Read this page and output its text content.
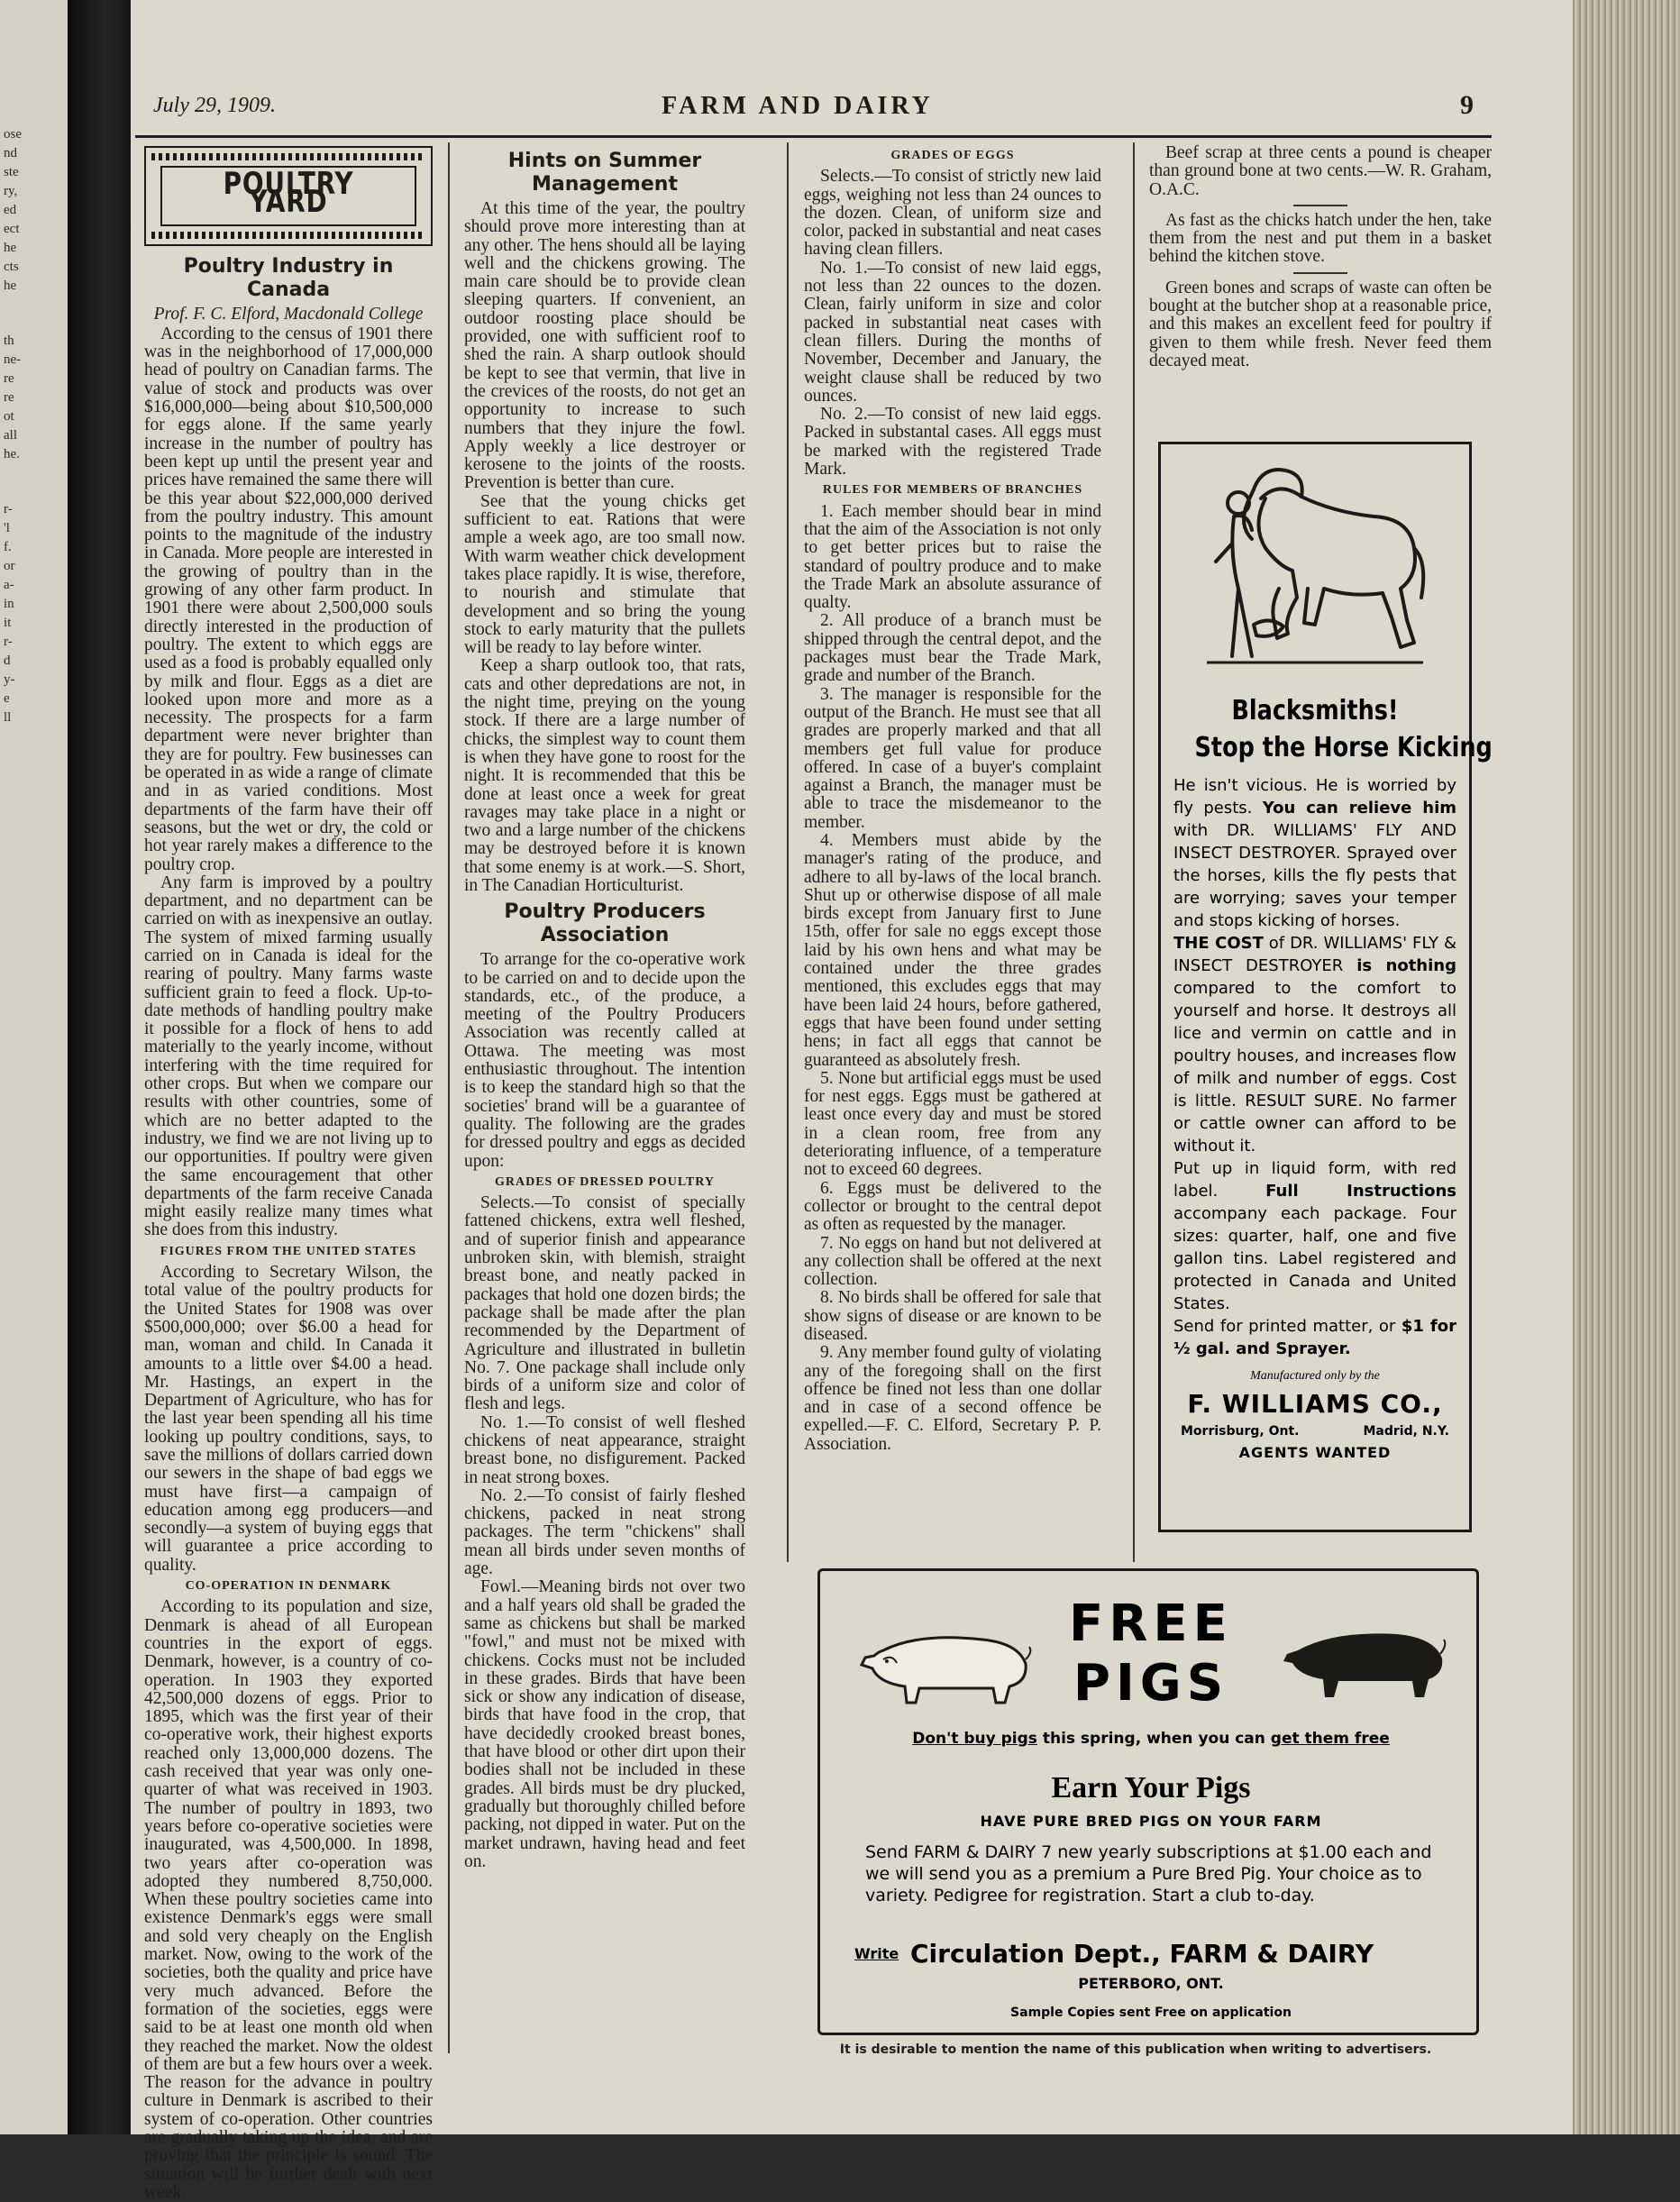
ose
nd
ste
ry,
ed
ect
he
cts
he
th
ne-
re
re
ot
all
he.
r-
'l
f.
or
a-
in
it
r-
d
y-
e
ll
July 29, 1909.	FARM AND DAIRY	9
POULTRY YARD
Poultry Industry in Canada
Prof. F. C. Elford, Macdonald College

According to the census of 1901 there was in the neighborhood of 17,000,000 head of poultry on Canadian farms. The value of stock and products was over $16,000,000—being about $10,500,000 for eggs alone. If the same yearly increase in the number of poultry has been kept up until the present year and prices have remained the same there will be this year about $22,000,000 derived from the poultry industry. This amount points to the magnitude of the industry in Canada. More people are interested in the growing of poultry than in the growing of any other farm product. In 1901 there were about 2,500,000 souls directly interested in the production of poultry. The extent to which eggs are used as a food is probably equalled only by milk and flour. Eggs as a diet are looked upon more and more as a necessity. The prospects for a farm department were never brighter than they are for poultry. Few businesses can be operated in as wide a range of climate and in as varied conditions. Most departments of the farm have their off seasons, but the wet or dry, the cold or hot year rarely makes a difference to the poultry crop.

Any farm is improved by a poultry department, and no department can be carried on with as inexpensive an outlay. The system of mixed farming usually carried on in Canada is ideal for the rearing of poultry. Many farms waste sufficient grain to feed a flock. Up-to-date methods of handling poultry make it possible for a flock of hens to add materially to the yearly income, without interfering with the time required for other crops. But when we compare our results with other countries, some of which are no better adapted to the industry, we find we are not living up to our opportunities. If poultry were given the same encouragement that other departments of the farm receive Canada might easily realize many times what she does from this industry.

FIGURES FROM THE UNITED STATES

According to Secretary Wilson, the total value of the poultry products for the United States for 1908 was over $500,000,000; over $6.00 a head for man, woman and child. In Canada it amounts to a little over $4.00 a head. Mr. Hastings, an expert in the Department of Agriculture, who has for the last year been spending all his time looking up poultry conditions, says, to save the millions of dollars carried down our sewers in the shape of bad eggs we must have first—a campaign of education among egg producers—and secondly—a system of buying eggs that will guarantee a price according to quality.

CO-OPERATION IN DENMARK

According to its population and size, Denmark is ahead of all European countries in the export of eggs. Denmark, however, is a country of co-operation. In 1903 they exported 42,500,000 dozens of eggs. Prior to 1895, which was the first year of their co-operative work, their highest exports reached only 13,000,000 dozens. The cash received that year was only one-quarter of what was received in 1903. The number of poultry in 1893, two years before co-operative societies were inaugurated, was 4,500,000. In 1898, two years after co-operation was adopted they numbered 8,750,000. When these poultry societies came into existence Denmark's eggs were small and sold very cheaply on the English market. Now, owing to the work of the societies, both the quality and price have very much advanced. Before the formation of the societies, eggs were said to be at least one month old when they reached the market. Now the oldest of them are but a few hours over a week. The reason for the advance in poultry culture in Denmark is ascribed to their system of co-operation. Other countries are gradually taking up the idea, and are proving that the principle is sound. The situation will be further dealt with next week.

Hints on Summer Management

At this time of the year, the poultry should prove more interesting than at any other. The hens should all be laying well and the chickens growing. The main care should be to provide clean sleeping quarters. If convenient, an outdoor roosting place should be provided, one with sufficient roof to shed the rain. A sharp outlook should be kept to see that vermin, that live in the crevices of the roosts, do not get an opportunity to increase to such numbers that they injure the fowl. Apply weekly a lice destroyer or kerosene to the joints of the roosts. Prevention is better than cure.

See that the young chicks get sufficient to eat. Rations that were ample a week ago, are too small now. With warm weather chick development takes place rapidly. It is wise, therefore, to nourish and stimulate that development and so bring the young stock to early maturity that the pullets will be ready to lay before winter.

Keep a sharp outlook too, that rats, cats and other depredations are not, in the night time, preying on the young stock. If there are a large number of chicks, the simplest way to count them is when they have gone to roost for the night. It is recommended that this be done at least once a week for great ravages may take place in a night or two and a large number of the chickens may be destroyed before it is known that some enemy is at work.—S. Short, in The Canadian Horticulturist.

Poultry Producers Association

To arrange for the co-operative work to be carried on and to decide upon the standards, etc., of the produce, a meeting of the Poultry Producers Association was recently called at Ottawa. The meeting was most enthusiastic throughout. The intention is to keep the standard high so that the societies' brand will be a guarantee of quality. The following are the grades for dressed poultry and eggs as decided upon:

GRADES OF DRESSED POULTRY

Selects.—To consist of specially fattened chickens, extra well fleshed, and of superior finish and appearance unbroken skin, with blemish, straight breast bone, and neatly packed in packages that hold one dozen birds; the package shall be made after the plan recommended by the Department of Agriculture and illustrated in bulletin No. 7. One package shall include only birds of a uniform size and color of flesh and legs.

No. 1.—To consist of well fleshed chickens of neat appearance, straight breast bone, no disfigurement. Packed in neat strong boxes.

No. 2.—To consist of fairly fleshed chickens, packed in neat strong packages. The term "chickens" shall mean all birds under seven months of age.

Fowl.—Meaning birds not over two and a half years old shall be graded the same as chickens but shall be marked "fowl," and must not be mixed with chickens. Cocks must not be included in these grades. Birds that have been sick or show any indication of disease, birds that have food in the crop, that have decidedly crooked breast bones, that have blood or other dirt upon their bodies shall not be included in these grades. All birds must be dry plucked, gradually but thoroughly chilled before packing, not dipped in water. Put on the market undrawn, having head and feet on.

GRADES OF EGGS

Selects.—To consist of strictly new laid eggs, weighing not less than 24 ounces to the dozen. Clean, of uniform size and color, packed in substantial and neat cases having clean fillers.

No. 1.—To consist of new laid eggs, not less than 22 ounces to the dozen. Clean, fairly uniform in size and color packed in substantial neat cases with clean fillers. During the months of November, December and January, the weight clause shall be reduced by two ounces.

No. 2.—To consist of new laid eggs. Packed in substantal cases. All eggs must be marked with the registered Trade Mark.

RULES FOR MEMBERS OF BRANCHES

1. Each member should bear in mind that the aim of the Association is not only to get better prices but to raise the standard of poultry produce and to make the Trade Mark an absolute assurance of qualty.

2. All produce of a branch must be shipped through the central depot, and the packages must bear the Trade Mark, grade and number of the Branch.

3. The manager is responsible for the output of the Branch. He must see that all grades are properly marked and that all members get full value for produce offered. In case of a buyer's complaint against a Branch, the manager must be able to trace the misdemeanor to the member.

4. Members must abide by the manager's rating of the produce, and adhere to all by-laws of the local branch. Shut up or otherwise dispose of all male birds except from January first to June 15th, offer for sale no eggs except those laid by his own hens and what may be contained under the three grades mentioned, this excludes eggs that may have been laid 24 hours, before gathered, eggs that have been found under setting hens; in fact all eggs that cannot be guaranteed as absolutely fresh.

5. None but artificial eggs must be used for nest eggs. Eggs must be gathered at least once every day and must be stored in a clean room, free from any deteriorating influence, of a temperature not to exceed 60 degrees.

6. Eggs must be delivered to the collector or brought to the central depot as often as requested by the manager.

7. No eggs on hand but not delivered at any collection shall be offered at the next collection.

8. No birds shall be offered for sale that show signs of disease or are known to be diseased.

9. Any member found gulty of violating any of the foregoing shall on the first offence be fined not less than one dollar and in case of a second offence be expelled.—F. C. Elford, Secretary P. P. Association.

Beef scrap at three cents a pound is cheaper than ground bone at two cents.—W. R. Graham, O.A.C.

As fast as the chicks hatch under the hen, take them from the nest and put them in a basket behind the kitchen stove.

Green bones and scraps of waste can often be bought at the butcher shop at a reasonable price, and this makes an excellent feed for poultry if given to them while fresh. Never feed them decayed meat.

Blacksmiths!
Stop the Horse Kicking

He isn't vicious. He is worried by fly pests. You can relieve him with DR. WILLIAMS' FLY AND INSECT DESTROYER. Sprayed over the horses, kills the fly pests that are worrying; saves your temper and stops kicking of horses.

THE COST of DR. WILLIAMS' FLY & INSECT DESTROYER is nothing compared to the comfort to yourself and horse. It destroys all lice and vermin on cattle and in poultry houses, and increases flow of milk and number of eggs. Cost is little. RESULT SURE. No farmer or cattle owner can afford to be without it.

Put up in liquid form, with red label. Full Instructions accompany each package. Four sizes: quarter, half, one and five gallon tins. Label registered and protected in Canada and United States.

Send for printed matter, or $1 for ½ gal. and Sprayer.

Manufactured only by the
F. WILLIAMS CO.,
Morrisburg, Ont.	Madrid, N.Y.
AGENTS WANTED
FREE
PIGS
Don't buy pigs this spring, when you can get them free
Earn Your Pigs
HAVE PURE BRED PIGS ON YOUR FARM
Send FARM & DAIRY 7 new yearly subscriptions at $1.00 each and we will send you as a premium a Pure Bred Pig. Your choice as to variety. Pedigree for registration. Start a club to-day.
Write Circulation Dept., FARM & DAIRY
PETERBORO, ONT.
Sample Copies sent Free on application
It is desirable to mention the name of this publication when writing to advertisers.
